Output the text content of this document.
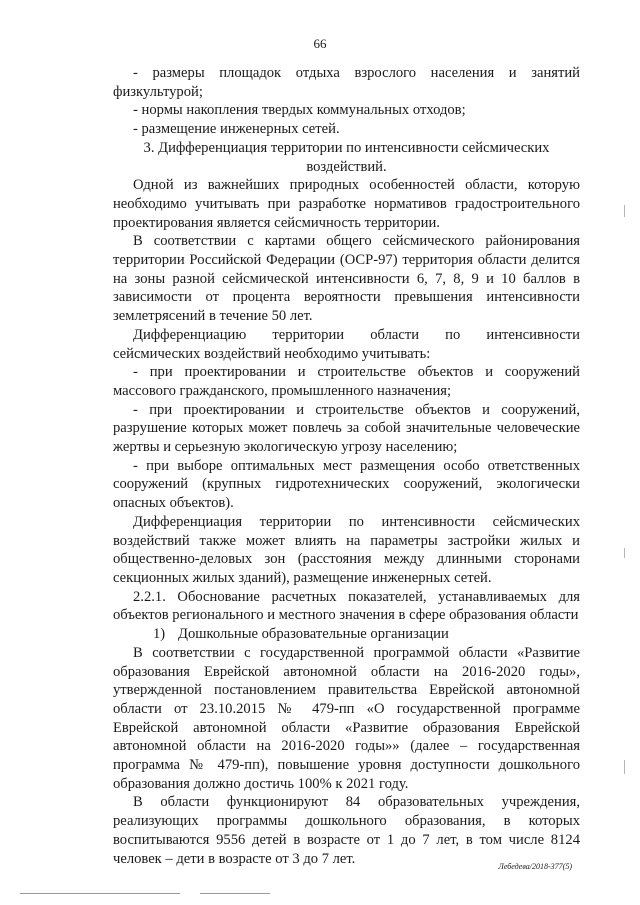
66

- размеры площадок отдыха взрослого населения и занятий физкультурой;

- нормы накопления твердых коммунальных отходов;

- размещение инженерных сетей.

3. Дифференциация территории по интенсивности сейсмических воздействий.

Одной из важнейших природных особенностей области, которую необходимо учитывать при разработке нормативов градостроительного проектирования является сейсмичность территории.

В соответствии с картами общего сейсмического районирования территории Российской Федерации (ОСР-97) территория области делится на зоны разной сейсмической интенсивности 6, 7, 8, 9 и 10 баллов в зависимости от процента вероятности превышения интенсивности землетрясений в течение 50 лет.

Дифференциацию территории области по интенсивности сейсмических воздействий необходимо учитывать:

- при проектировании и строительстве объектов и сооружений массового гражданского, промышленного назначения;

- при проектировании и строительстве объектов и сооружений, разрушение которых может повлечь за собой значительные человеческие жертвы и серьезную экологическую угрозу населению;

- при выборе оптимальных мест размещения особо ответственных сооружений (крупных гидротехнических сооружений, экологически опасных объектов).

Дифференциация территории по интенсивности сейсмических воздействий также может влиять на параметры застройки жилых и общественно-деловых зон (расстояния между длинными сторонами секционных жилых зданий), размещение инженерных сетей.

2.2.1. Обоснование расчетных показателей, устанавливаемых для объектов регионального и местного значения в сфере образования области

1) Дошкольные образовательные организации

В соответствии с государственной программой области «Развитие образования Еврейской автономной области на 2016-2020 годы», утвержденной постановлением правительства Еврейской автономной области от 23.10.2015 № 479-пп «О государственной программе Еврейской автономной области «Развитие образования Еврейской автономной области на 2016-2020 годы»» (далее – государственная программа № 479-пп), повышение уровня доступности дошкольного образования должно достичь 100% к 2021 году.

В области функционируют 84 образовательных учреждения, реализующих программы дошкольного образования, в которых воспитываются 9556 детей в возрасте от 1 до 7 лет, в том числе 8124 человек – дети в возрасте от 3 до 7 лет.	Лебедева/2018-377(5)
